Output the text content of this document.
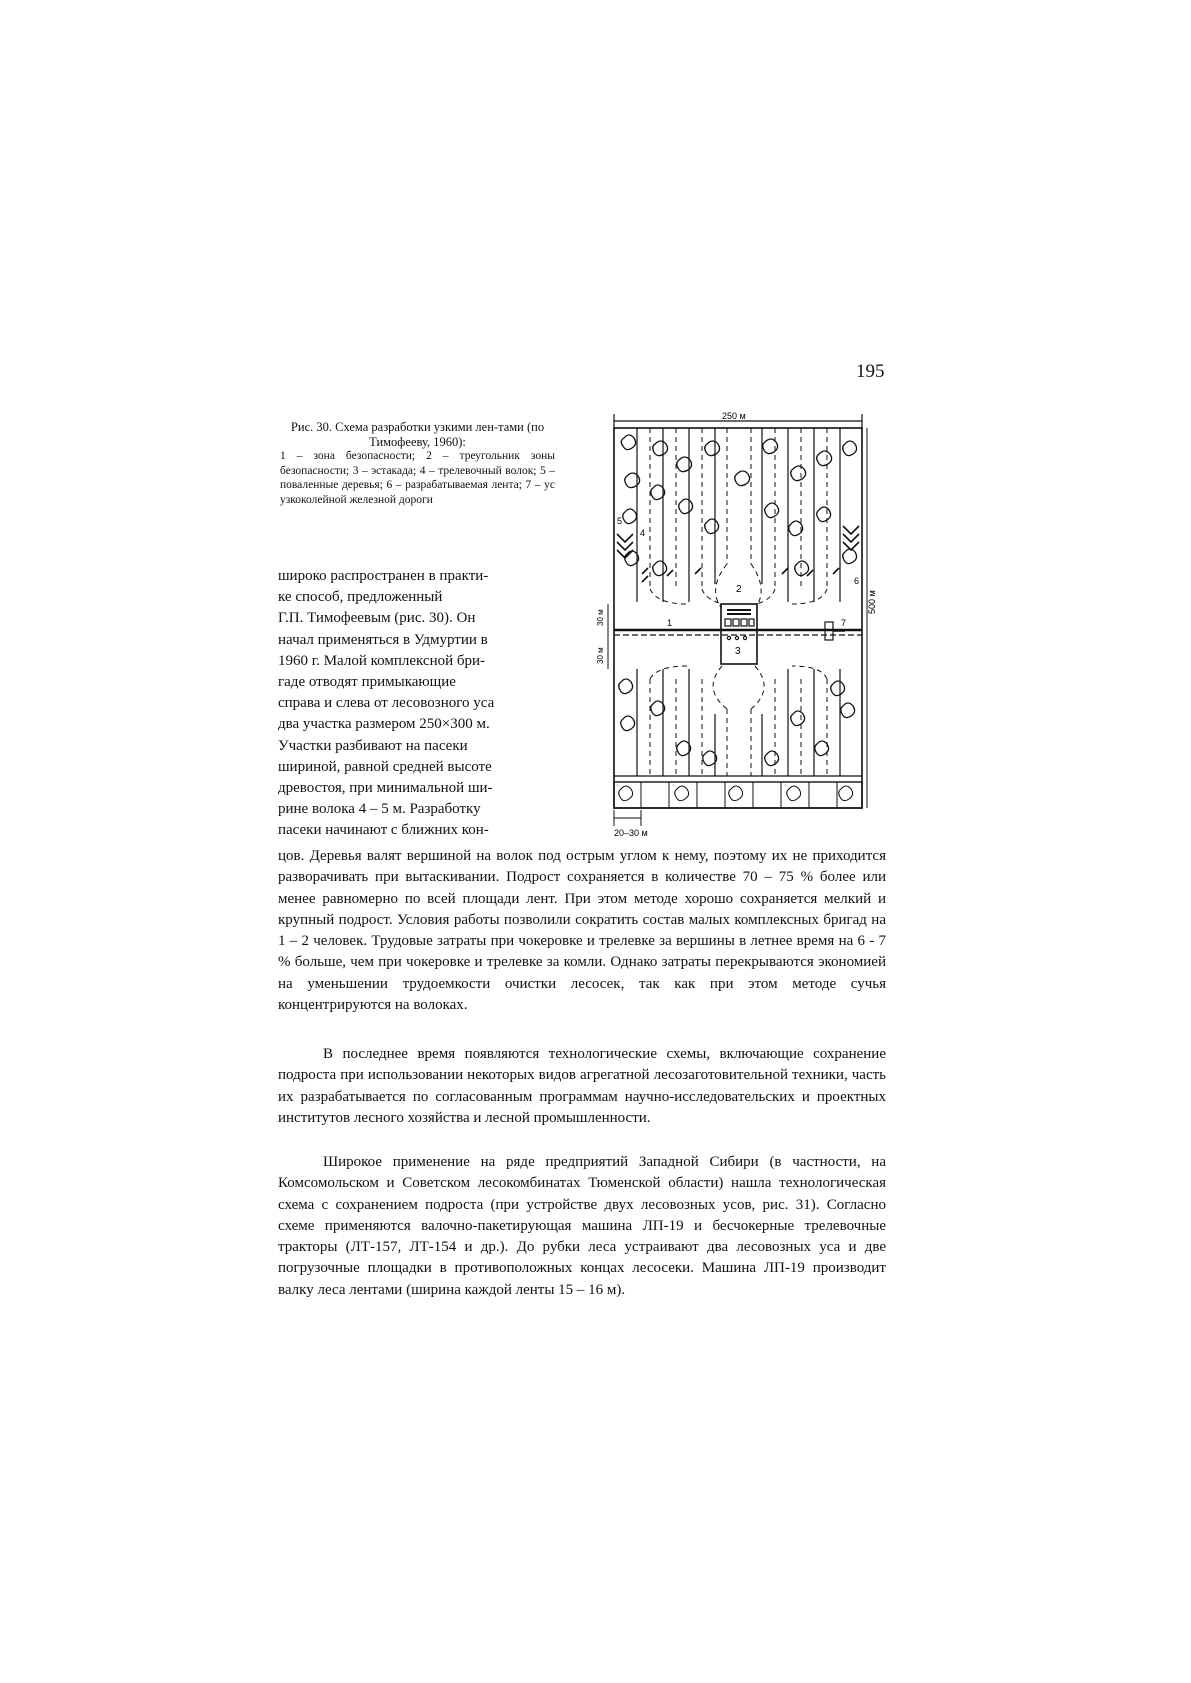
195
Рис. 30. Схема разработки узкими лен-тами (по Тимофееву, 1960):
1 – зона безопасности; 2 – треугольник зоны безопасности; 3 – эстакада; 4 – трелевочный волок; 5 – поваленные деревья; 6 – разрабатываемая лента; 7 – ус узкоколейной железной дороги
широко распространен в практи-
ке способ, предложенный
Г.П. Тимофеевым (рис. 30). Он
начал применяться в Удмуртии в
1960 г. Малой комплексной бри-
гаде отводят примыкающие
справа и слева от лесовозного уса
два участка размером 250×300 м.
Участки разбивают на пасеки
шириной, равной средней высоте
древостоя, при минимальной ши-
рине волока 4 – 5 м. Разработку
пасеки начинают с ближних кон-
250 м
500 м
30 м
30 м
5
4
6
2
3
1	7
20–30 м
цов. Деревья валят вершиной на волок под острым углом к нему, поэтому их не приходится разворачивать при вытаскивании. Подрост сохраняется в количестве 70 – 75 % более или менее равномерно по всей площади лент. При этом методе хорошо сохраняется мелкий и крупный подрост. Условия работы позволили сократить состав малых комплексных бригад на 1 – 2 человек. Трудовые затраты при чокеровке и трелевке за вершины в летнее время на 6 - 7 % больше, чем при чокеровке и трелевке за комли. Однако затраты перекрываются экономией на уменьшении трудоемкости очистки лесосек, так как при этом методе сучья концентрируются на волоках.
В последнее время появляются технологические схемы, включающие сохранение подроста при использовании некоторых видов агрегатной лесозаготовительной техники, часть их разрабатывается по согласованным программам научно-исследовательских и проектных институтов лесного хозяйства и лесной промышленности.
Широкое применение на ряде предприятий Западной Сибири (в частности, на Комсомольском и Советском лесокомбинатах Тюменской области) нашла технологическая схема с сохранением подроста (при устройстве двух лесовозных усов, рис. 31). Согласно схеме применяются валочно-пакетирующая машина ЛП-19 и бесчокерные трелевочные тракторы (ЛТ-157, ЛТ-154 и др.). До рубки леса устраивают два лесовозных уса и две погрузочные площадки в противоположных концах лесосеки. Машина ЛП-19 производит валку леса лентами (ширина каждой ленты 15 – 16 м).
